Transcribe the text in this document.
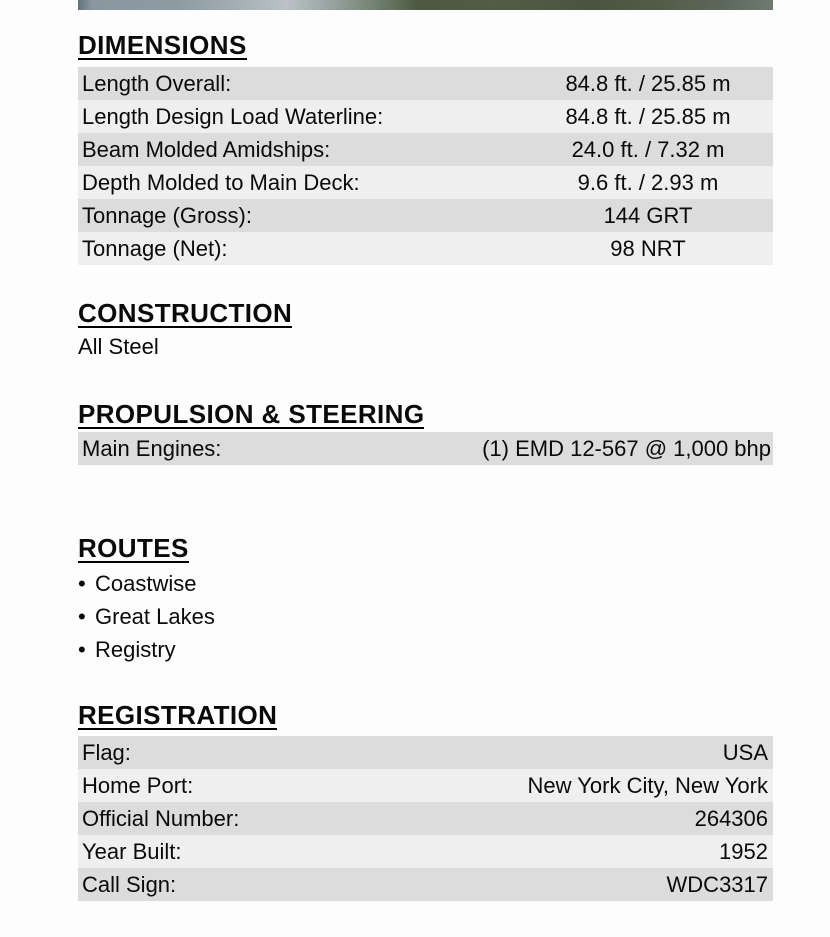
DIMENSIONS
Length Overall:	84.8 ft. / 25.85 m
Length Design Load Waterline:	84.8 ft. / 25.85 m
Beam Molded Amidships:	24.0 ft. / 7.32 m
Depth Molded to Main Deck:	9.6 ft. / 2.93 m
Tonnage (Gross):	144 GRT
Tonnage (Net):	98 NRT
CONSTRUCTION
All Steel
PROPULSION & STEERING
Main Engines:	(1) EMD 12-567 @ 1,000 bhp
ROUTES
• Coastwise
• Great Lakes
• Registry
REGISTRATION
Flag:	USA
Home Port:	New York City, New York
Official Number:	264306
Year Built:	1952
Call Sign:	WDC3317
